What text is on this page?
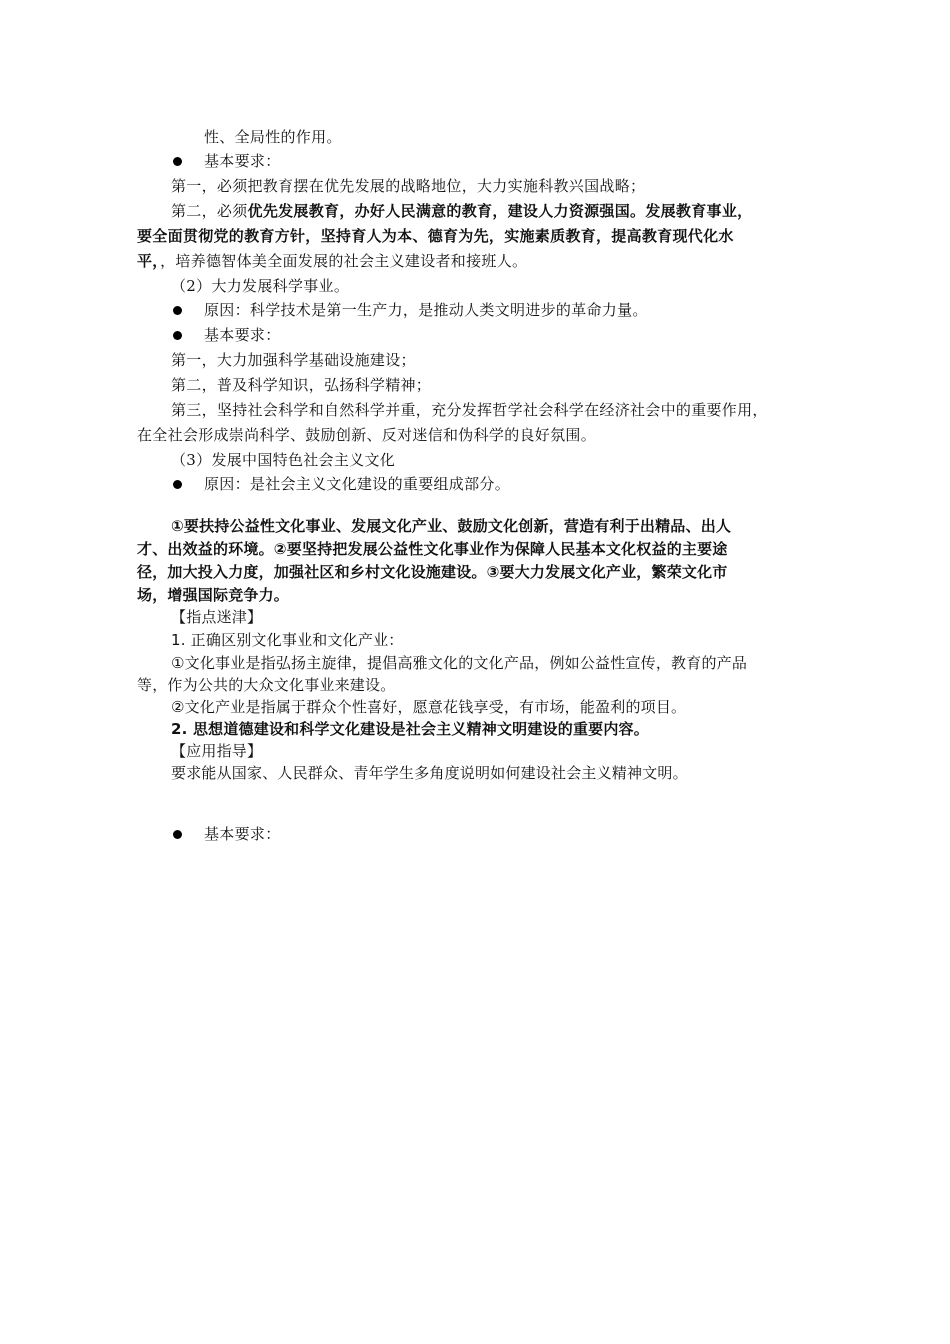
性、全局性的作用。
基本要求：
第一，必须把教育摆在优先发展的战略地位，大力实施科教兴国战略；
第二，必须优先发展教育，办好人民满意的教育，建设人力资源强国。发展教育事业，
要全面贯彻党的教育方针，坚持育人为本、德育为先，实施素质教育，提高教育现代化水
平，，培养德智体美全面发展的社会主义建设者和接班人。
（2）大力发展科学事业。
原因：科学技术是第一生产力，是推动人类文明进步的革命力量。
基本要求：
第一，大力加强科学基础设施建设；
第二，普及科学知识，弘扬科学精神；
第三，坚持社会科学和自然科学并重，充分发挥哲学社会科学在经济社会中的重要作用，
在全社会形成崇尚科学、鼓励创新、反对迷信和伪科学的良好氛围。
（3）发展中国特色社会主义文化
原因：是社会主义文化建设的重要组成部分。
①要扶持公益性文化事业、发展文化产业、鼓励文化创新，营造有利于出精品、出人
才、出效益的环境。②要坚持把发展公益性文化事业作为保障人民基本文化权益的主要途
径，加大投入力度，加强社区和乡村文化设施建设。③要大力发展文化产业，繁荣文化市
场，增强国际竞争力。
【指点迷津】
1. 正确区别文化事业和文化产业：
①文化事业是指弘扬主旋律，提倡高雅文化的文化产品，例如公益性宣传，教育的产品
等，作为公共的大众文化事业来建设。
②文化产业是指属于群众个性喜好，愿意花钱享受，有市场，能盈利的项目。
2. 思想道德建设和科学文化建设是社会主义精神文明建设的重要内容。
【应用指导】
要求能从国家、人民群众、青年学生多角度说明如何建设社会主义精神文明。
基本要求：
